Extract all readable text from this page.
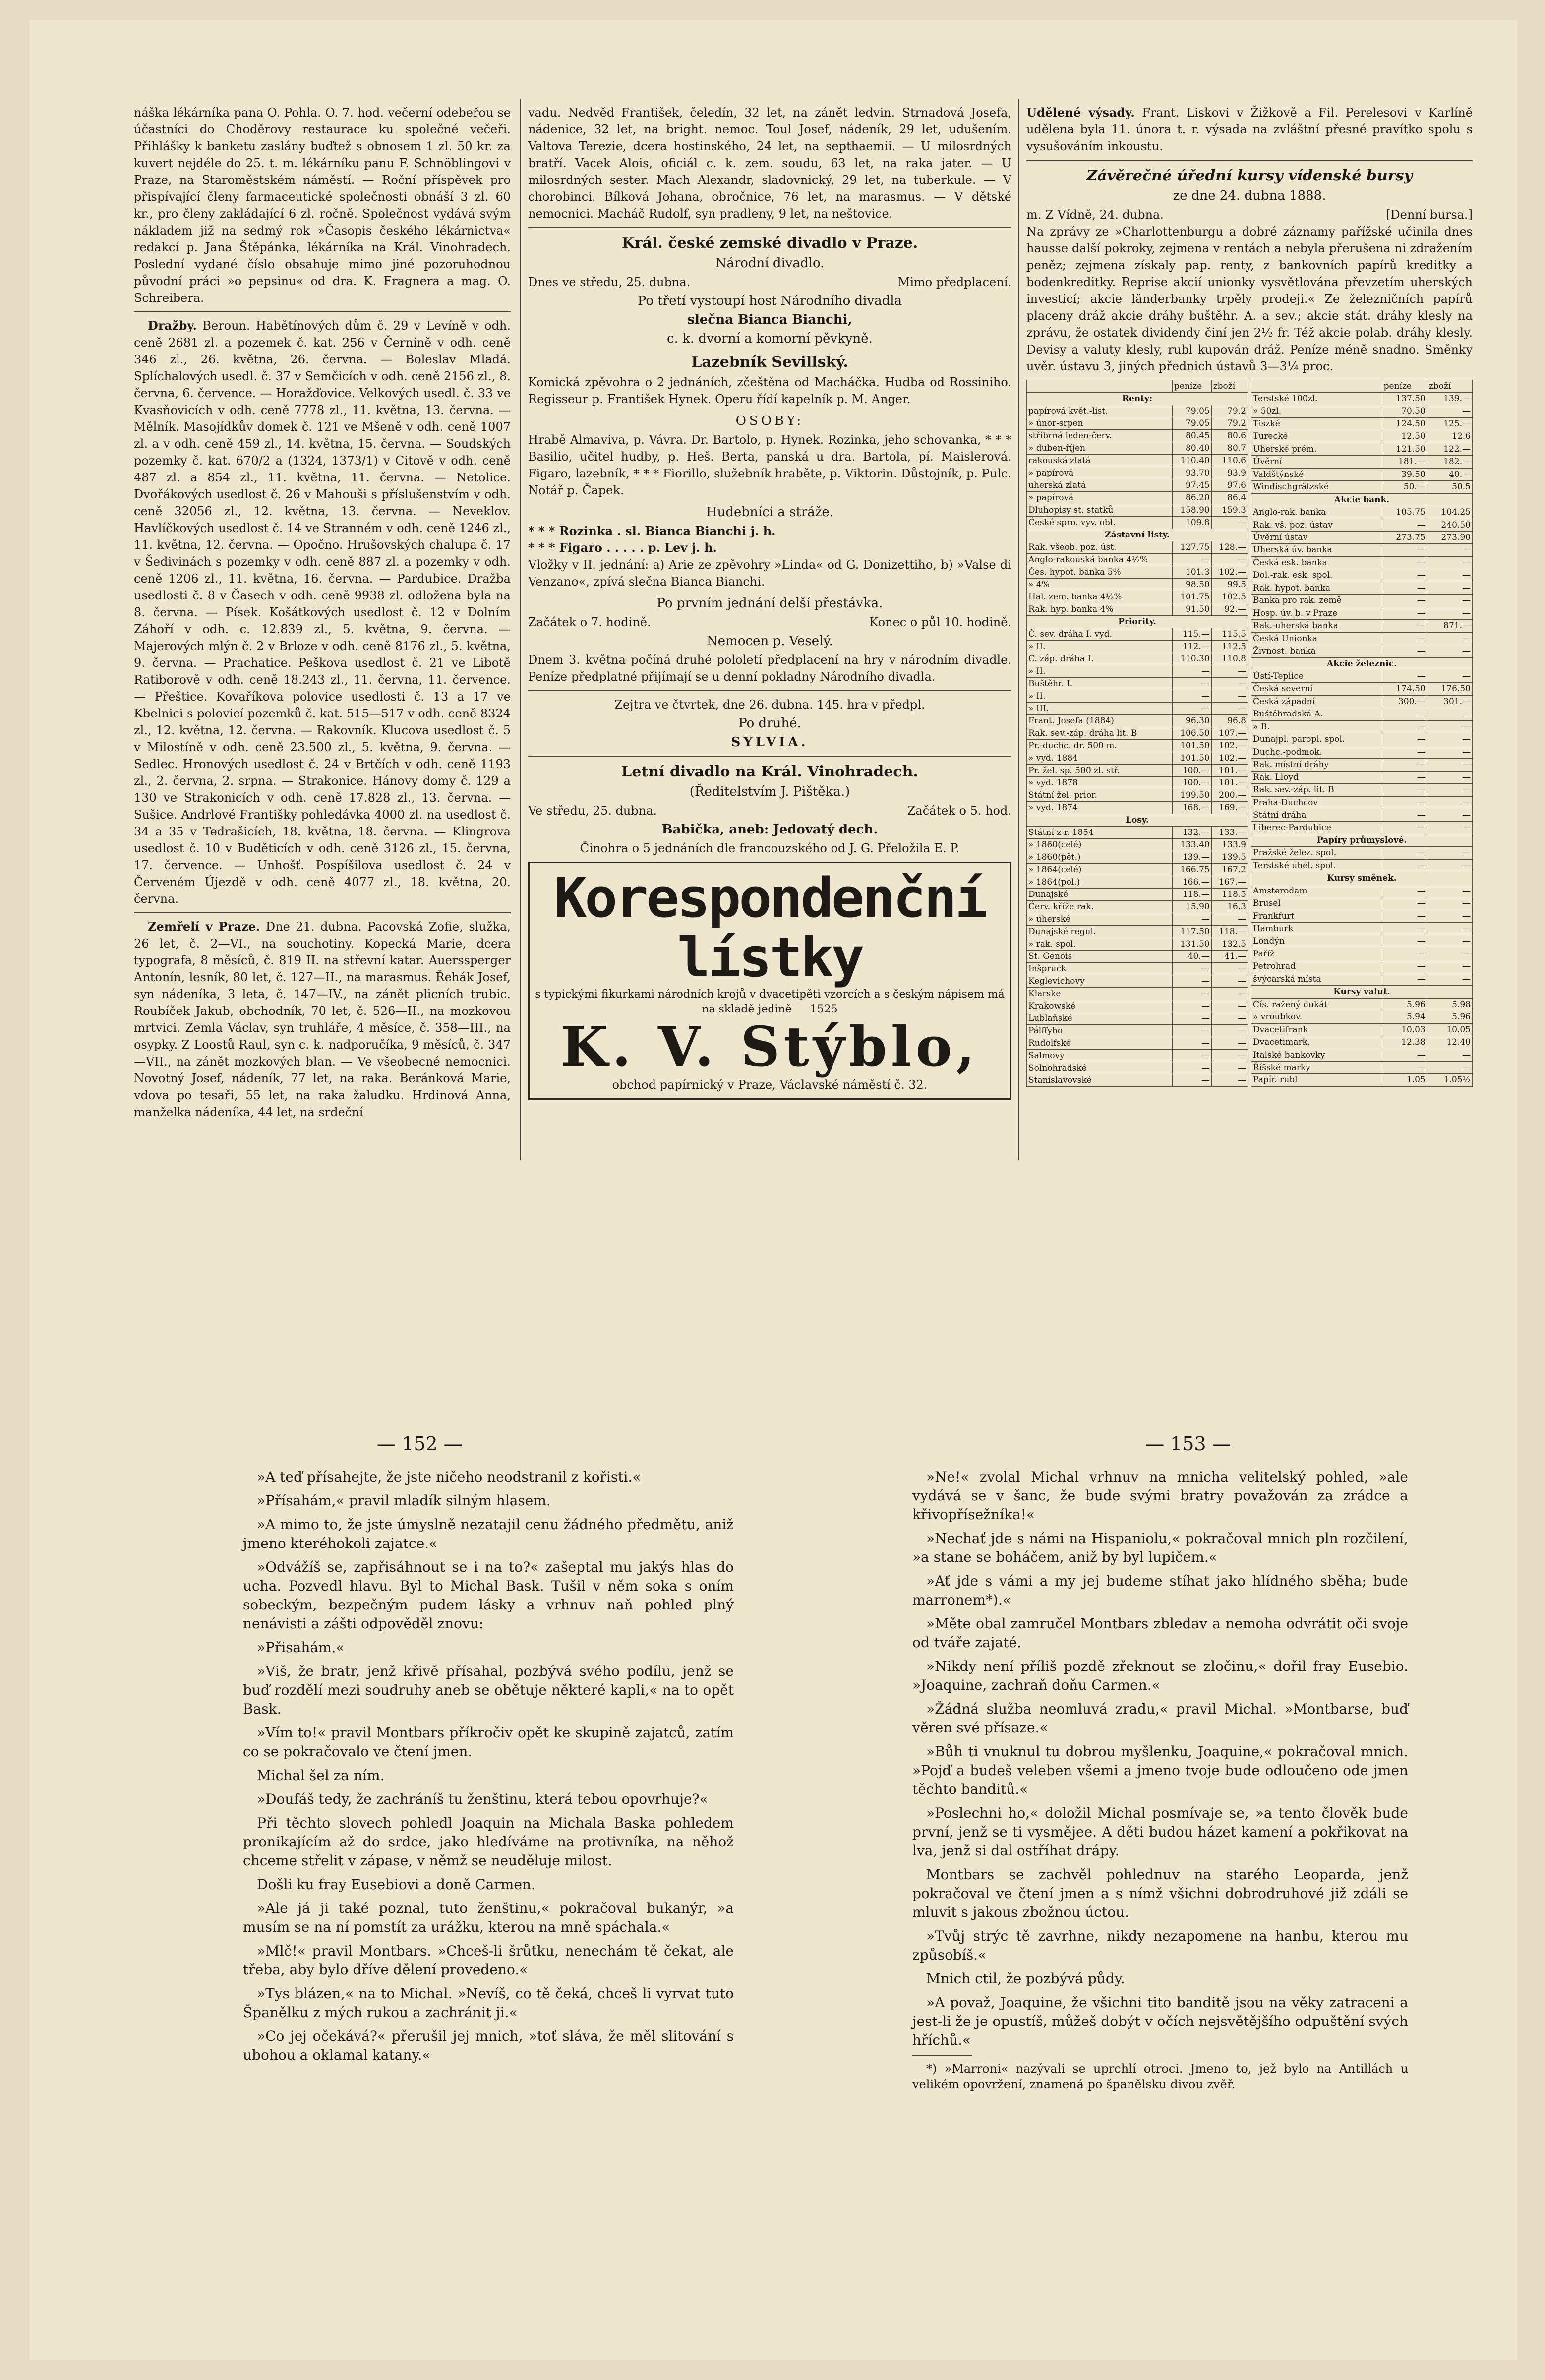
náška lékárníka pana O. Pohla. O. 7. hod. večerní odebeřou se účastníci do Choděrovy restaurace ku společné večeři. Přihlášky k banketu zaslány buďtež s obnosem 1 zl. 50 kr. za kuvert nejdéle do 25. t. m. lékárníku panu F. Schnöblingovi v Praze, na Staroměstském náměstí. — Roční příspěvek pro přispívající členy farmaceutické společnosti obnáší 3 zl. 60 kr., pro členy zakládající 6 zl. ročně. Společnost vydává svým nákladem již na sedmý rok »Časopis českého lékárnictva« redakcí p. Jana Štěpánka, lékárníka na Král. Vinohradech. Poslední vydané číslo obsahuje mimo jiné pozoruhodnou původní práci »o pepsinu« od dra. K. Fragnera a mag. O. Schreibera.

Dražby. Beroun. Habětínových dům č. 29 v Levíně v odh. ceně 2681 zl. a pozemek č. kat. 256 v Černíně v odh. ceně 346 zl., 26. května, 26. června. — Boleslav Mladá. Splíchalových usedl. č. 37 v Semčicích v odh. ceně 2156 zl., 8. června, 6. července. — Horažďovice. Velkových usedl. č. 33 ve Kvasňovicích v odh. ceně 7778 zl., 11. května, 13. června. — Mělník. Masojídkův domek č. 121 ve Mšeně v odh. ceně 1007 zl. a v odh. ceně 459 zl., 14. května, 15. června. — Soudských pozemky č. kat. 670/2 a (1324, 1373/1) v Citově v odh. ceně 487 zl. a 854 zl., 11. května, 11. června. — Netolice. Dvořákových usedlost č. 26 v Mahouši s příslušenstvím v odh. ceně 32056 zl., 12. května, 13. června. — Neveklov. Havlíčkových usedlost č. 14 ve Stranném v odh. ceně 1246 zl., 11. května, 12. června. — Opočno. Hrušovských chalupa č. 17 v Šedivinách s pozemky v odh. ceně 887 zl. a pozemky v odh. ceně 1206 zl., 11. května, 16. června. — Pardubice. Dražba usedlosti č. 8 v Časech v odh. ceně 9938 zl. odložena byla na 8. června. — Písek. Košátkových usedlost č. 12 v Dolním Záhoří v odh. c. 12.839 zl., 5. května, 9. června. — Majerových mlýn č. 2 v Brloze v odh. ceně 8176 zl., 5. května, 9. června. — Prachatice. Peškova usedlost č. 21 ve Libotě Ratiborově v odh. ceně 18.243 zl., 11. června, 11. července. — Přeštice. Kovaříkova polovice usedlosti č. 13 a 17 ve Kbelnici s polovicí pozemků č. kat. 515—517 v odh. ceně 8324 zl., 12. května, 12. června. — Rakovník. Klucova usedlost č. 5 v Milostíně v odh. ceně 23.500 zl., 5. května, 9. června. — Sedlec. Hronových usedlost č. 24 v Brtčích v odh. ceně 1193 zl., 2. června, 2. srpna. — Strakonice. Hánovy domy č. 129 a 130 ve Strakonicích v odh. ceně 17.828 zl., 13. června. — Sušice. Andrlové Františky pohledávka 4000 zl. na usedlost č. 34 a 35 v Tedrašicích, 18. května, 18. června. — Klingrova usedlost č. 10 v Buděticích v odh. ceně 3126 zl., 15. června, 17. července. — Unhošť. Pospíšilova usedlost č. 24 v Červeném Újezdě v odh. ceně 4077 zl., 18. května, 20. června.

Zemřelí v Praze. Dne 21. dubna. Pacovská Zofie, služka, 26 let, č. 2—VI., na souchotiny. Kopecká Marie, dcera typografa, 8 měsíců, č. 819 II. na střevní katar. Auerssperger Antonín, lesník, 80 let, č. 127—II., na marasmus. Řehák Josef, syn nádeníka, 3 leta, č. 147—IV., na zánět plicních trubic. Roubíček Jakub, obchodník, 70 let, č. 526—II., na mozkovou mrtvici. Zemla Václav, syn truhláře, 4 měsíce, č. 358—III., na osypky. Z Loostů Raul, syn c. k. nadporučíka, 9 měsíců, č. 347—VII., na zánět mozkových blan. — Ve všeobecné nemocnici. Novotný Josef, nádeník, 77 let, na raka. Beránková Marie, vdova po tesaři, 55 let, na raka žaludku. Hrdinová Anna, manželka nádeníka, 44 let, na srdeční

vadu. Nedvěd František, čeledín, 32 let, na zánět ledvin. Strnadová Josefa, nádenice, 32 let, na bright. nemoc. Toul Josef, nádeník, 29 let, udušením. Valtova Terezie, dcera hostinského, 24 let, na septhaemii. — U milosrdných bratří. Vacek Alois, oficiál c. k. zem. soudu, 63 let, na raka jater. — U milosrdných sester. Mach Alexandr, sladovnický, 29 let, na tuberkule. — V chorobinci. Bílková Johana, obročnice, 76 let, na marasmus. — V dětské nemocnici. Macháč Rudolf, syn pradleny, 9 let, na neštovice.

Král. české zemské divadlo v Praze.
Národní divadlo.
Dnes ve středu, 25. dubna.	Mimo předplacení.
Po třetí vystoupí host Národního divadla
slečna Bianca Bianchi,
c. k. dvorní a komorní pěvkyně.
Lazebník Sevillský.

Komická zpěvohra o 2 jednáních, zčeštěna od Macháčka. Hudba od Rossiniho. Regisseur p. František Hynek. Operu řídí kapelník p. M. Anger.

OSOBY:

Hrabě Almaviva, p. Vávra. Dr. Bartolo, p. Hynek. Rozinka, jeho schovanka, * * * Basilio, učitel hudby, p. Heš. Berta, panská u dra. Bartola, pí. Maislerová. Figaro, lazebník, * * * Fiorillo, služebník hraběte, p. Viktorin. Důstojník, p. Pulc. Notář p. Čapek.

Hudebníci a stráže.
* * * Rozinka . sl. Bianca Bianchi j. h.
* * * Figaro . . . . . p. Lev j. h.

Vložky v II. jednání: a) Arie ze zpěvohry »Linda« od G. Donizettiho, b) »Valse di Venzano«, zpívá slečna Bianca Bianchi.

Po prvním jednání delší přestávka.
Začátek o 7. hodině.	Konec o půl 10. hodině.
Nemocen p. Veselý.

Dnem 3. května počíná druhé pololetí předplacení na hry v národním divadle. Peníze předplatné přijímají se u denní pokladny Národního divadla.

Zejtra ve čtvrtek, dne 26. dubna. 145. hra v předpl.
Po druhé.
SYLVIA.
Letní divadlo na Král. Vinohradech.
(Ředitelstvím J. Pištěka.)
Ve středu, 25. dubna.	Začátek o 5. hod.
Babička, aneb: Jedovatý dech.
Činohra o 5 jednáních dle francouzského od J. G. Přeložila E. P.
Korespondenční lístky
s typickými fikurkami národních krojů v dvacetipěti vzorcích a s českým nápisem má na skladě jedině 1525
K. V. Stýblo,
obchod papírnický v Praze, Václavské náměstí č. 32.

Udělené výsady. Frant. Liskovi v Žižkově a Fil. Perelesovi v Karlíně udělena byla 11. února t. r. výsada na zvláštní přesné pravítko spolu s vysušováním inkoustu.

Závěrečné úřední kursy vídenské bursy
ze dne 24. dubna 1888.
m. Z Vídně, 24. dubna.	[Denní bursa.]

Na zprávy ze »Charlottenburgu a dobré záznamy pařížské učinila dnes hausse další pokroky, zejmena v rentách a nebyla přerušena ni zdražením peněz; zejmena získaly pap. renty, z bankovních papírů kreditky a bodenkreditky. Reprise akcií unionky vysvětlována převzetím uherských investicí; akcie länderbanky trpěly prodeji.« Ze železničních papírů placeny dráž akcie dráhy buštěhr. A. a sev.; akcie stát. dráhy klesly na zprávu, že ostatek dividendy činí jen 2½ fr. Též akcie polab. dráhy klesly. Devisy a valuty klesly, rubl kupován dráž. Peníze méně snadno. Směnky uvěr. ústavu 3, jiných přednich ústavů 3—3¼ proc.

	peníze	zboží
Renty:		
papírová květ.-list.	79.05	79.2
» únor-srpen	79.05	79.2
stříbrná leden-červ.	80.45	80.6
» duben-říjen	80.40	80.7
rakouská zlatá	110.40	110.6
» papírová	93.70	93.9
uherská zlatá	97.45	97.6
» papírová	86.20	86.4
Dluhopisy st. statků	158.90	159.3
České spro. vyv. obl.	109.8	—
Zástavní listy.		
Rak. všeob. poz. úst.	127.75	128.—
Anglo-rakouská banka 4½%	—	—
Čes. hypot. banka 5%	101.3	102.—
» 4%	98.50	99.5
Hal. zem. banka 4½%	101.75	102.5
Rak. hyp. banka 4%	91.50	92.—
Priority.		
Č. sev. dráha I. vyd.	115.—	115.5
» II.	112.—	112.5
Č. záp. dráha I.	110.30	110.8
» II.	—	—
Buštěhr. I.	—	—
» II.	—	—
» III.	—	—
Frant. Josefa (1884)	96.30	96.8
Rak. sev.-záp. dráha lit. B	106.50	107.—
Pr.-duchc. dr. 500 m.	101.50	102.—
» vyd. 1884	101.50	102.—
Pr. žel. sp. 500 zl. stř.	100.—	101.—
» vyd. 1878	100.—	101.—
Státní žel. prior.	199.50	200.—
» vyd. 1874	168.—	169.—
Losy.		
Státní z r. 1854	132.—	133.—
» 1860(celé)	133.40	133.9
» 1860(pět.)	139.—	139.5
» 1864(celé)	166.75	167.2
» 1864(pol.)	166.—	167.—
Dunajské	118.—	118.5
Červ. kříže rak.	15.90	16.3
» uherské	—	—
Dunajské regul.	117.50	118.—
» rak. spol.	131.50	132.5
St. Genois	40.—	41.—
Inšpruck	—	—
Keglevichovy	—	—
Klarske	—	—
Krakowské	—	—
Lublaňské	—	—
Pálffyho	—	—
Rudolfské	—	—
Salmovy	—	—
Solnohradské	—	—
Stanislavovské	—	—
	peníze	zboží
Terstské 100zl.	137.50	139.—
» 50zl.	70.50	—
Tiszké	124.50	125.—
Turecké	12.50	12.6
Uherské prém.	121.50	122.—
Úvěrní	181.—	182.—
Valdštýnské	39.50	40.—
Windischgrätzské	50.—	50.5
Akcie bank.		
Anglo-rak. banka	105.75	104.25
Rak. vš. poz. ústav	—	240.50
Úvěrní ústav	273.75	273.90
Uherská úv. banka	—	—
Česká esk. banka	—	—
Dol.-rak. esk. spol.	—	—
Rak. hypot. banka	—	—
Banka pro rak. země	—	—
Hosp. úv. b. v Praze	—	—
Rak.-uherská banka	—	871.—
Česká Unionka	—	—
Živnost. banka	—	—
Akcie železnic.		
Ústí-Teplice	—	—
Česká severní	174.50	176.50
Česká západní	300.—	301.—
Buštěhradská A.	—	—
» B.	—	—
Dunajpl. paropl. spol.	—	—
Duchc.-podmok.	—	—
Rak. místní dráhy	—	—
Rak. Lloyd	—	—
Rak. sev.-záp. lit. B	—	—
Praha-Duchcov	—	—
Státní dráha	—	—
Liberec-Pardubice	—	—
Papíry průmyslové.		
Pražské želez. spol.	—	—
Terstské uhel. spol.	—	—
Kursy směnek.		
Amsterodam	—	—
Brusel	—	—
Frankfurt	—	—
Hamburk	—	—
Londýn	—	—
Paříž	—	—
Petrohrad	—	—
švýcarská místa	—	—
Kursy valut.		
Cís. ražený dukát	5.96	5.98
» vroubkov.	5.94	5.96
Dvacetifrank	10.03	10.05
Dvacetimark.	12.38	12.40
Italské bankovky	—	—
Říšské marky	—	—
Papír. rubl	1.05	1.05½
— 152 —	— 153 —

»A teď přísahejte, že jste ničeho neodstranil z kořisti.«

»Přísahám,« pravil mladík silným hlasem.

»A mimo to, že jste úmyslně nezatajil cenu žádného předmětu, aniž jmeno kteréhokoli zajatce.«

»Odvážíš se, zapřisáhnout se i na to?« zašeptal mu jakýs hlas do ucha. Pozvedl hlavu. Byl to Michal Bask. Tušil v něm soka s oním sobeckým, bezpečným pudem lásky a vrhnuv naň pohled plný nenávisti a zášti odpověděl znovu:

»Přisahám.«

»Viš, že bratr, jenž křivě přísahal, pozbývá svého podílu, jenž se buď rozdělí mezi soudruhy aneb se obětuje některé kapli,« na to opět Bask.

»Vím to!« pravil Montbars příkročiv opět ke skupině zajatců, zatím co se pokračovalo ve čtení jmen.

Michal šel za ním.

»Doufáš tedy, že zachráníš tu ženštinu, která tebou opovrhuje?«

Při těchto slovech pohledl Joaquin na Michala Baska pohledem pronikajícím až do srdce, jako hledíváme na protivníka, na něhož chceme střelit v zápase, v němž se neuděluje milost.

Došli ku fray Eusebiovi a doně Carmen.

»Ale já ji také poznal, tuto ženštinu,« pokračoval bukanýr, »a musím se na ní pomstít za urážku, kterou na mně spáchala.«

»Mlč!« pravil Montbars. »Chceš-li šrůtku, nenechám tě čekat, ale třeba, aby bylo dříve dělení provedeno.«

»Tys blázen,« na to Michal. »Nevíš, co tě čeká, chceš li vyrvat tuto Španělku z mých rukou a zachránit ji.«

»Co jej očekává?« přerušil jej mnich, »toť sláva, že měl slitování s ubohou a oklamal katany.«

»Ne!« zvolal Michal vrhnuv na mnicha velitelský pohled, »ale vydává se v šanc, že bude svými bratry považován za zrádce a křivopřísežníka!«

»Nechať jde s námi na Hispaniolu,« pokračoval mnich pln rozčilení, »a stane se boháčem, aniž by byl lupičem.«

»Ať jde s vámi a my jej budeme stíhat jako hlídného sběha; bude marronem*).«

»Měte obal zamručel Montbars zbledav a nemoha odvrátit oči svoje od tváře zajaté.

»Nikdy není příliš pozdě zřeknout se zločinu,« dořil fray Eusebio. »Joaquine, zachraň doňu Carmen.«

»Žádná služba neomluvá zradu,« pravil Michal. »Montbarse, buď věren své přísaze.«

»Bůh ti vnuknul tu dobrou myšlenku, Joaquine,« pokračoval mnich. »Pojď a budeš veleben všemi a jmeno tvoje bude odloučeno ode jmen těchto banditů.«

»Poslechni ho,« doložil Michal posmívaje se, »a tento člověk bude první, jenž se ti vysmějee. A děti budou házet kamení a pokřikovat na lva, jenž si dal ostříhat drápy.

Montbars se zachvěl pohlednuv na starého Leoparda, jenž pokračoval ve čtení jmen a s nímž všichni dobrodruhové již zdáli se mluvit s jakous zbožnou úctou.

»Tvůj strýc tě zavrhne, nikdy nezapomene na hanbu, kterou mu způsobíš.«

Mnich ctil, že pozbývá půdy.

»A považ, Joaquine, že všichni tito banditě jsou na věky zatraceni a jest-li že je opustíš, můžeš dobýt v očích nejsvětějšího odpuštění svých hříchů.«

*) »Marroni« nazývali se uprchlí otroci. Jmeno to, jež bylo na Antillách u velikém opovržení, znamená po španělsku divou zvěř.
